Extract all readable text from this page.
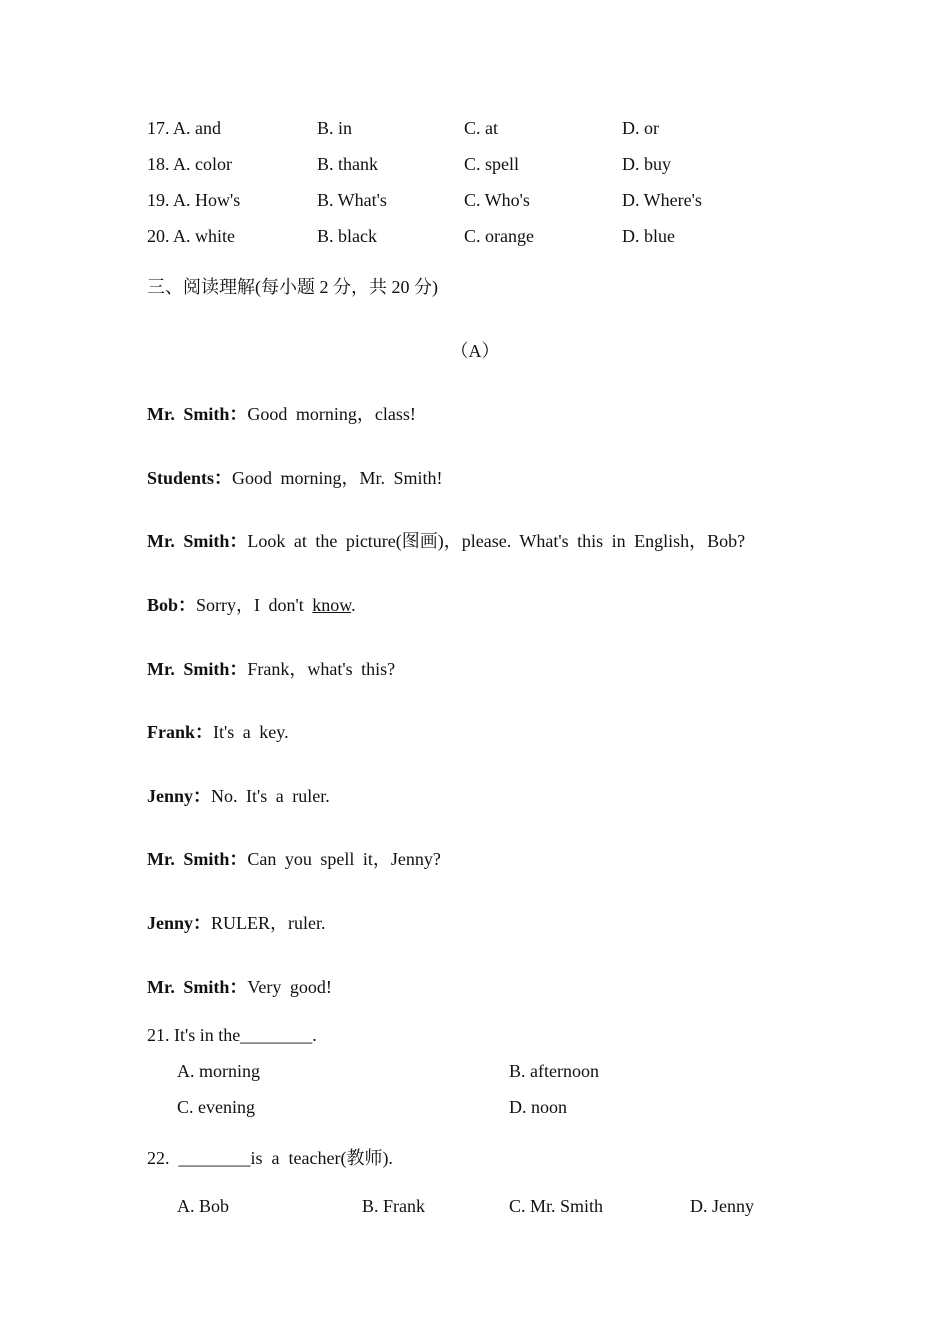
17. A. and	B. in	C. at	D. or
18. A. color	B. thank	C. spell	D. buy
19. A. How's	B. What's	C. Who's	D. Where's
20. A. white	B. black	C. orange	D. blue
三、阅读理解(每小题 2 分，共 20 分)
（A）
Mr. Smith：Good morning，class!
Students：Good morning，Mr. Smith!
Mr. Smith：Look at the picture(图画)，please. What's this in English，Bob?
Bob：Sorry，I don't know.
Mr. Smith：Frank，what's this?
Frank：It's a key.
Jenny：No. It's a ruler.
Mr. Smith：Can you spell it，Jenny?
Jenny：RULER，ruler.
Mr. Smith：Very good!
21. It's in the________.
A. morning	B. afternoon
C. evening	D. noon
22.  ________is  a  teacher(教师).
A. Bob	B. Frank	C. Mr. Smith	D. Jenny
